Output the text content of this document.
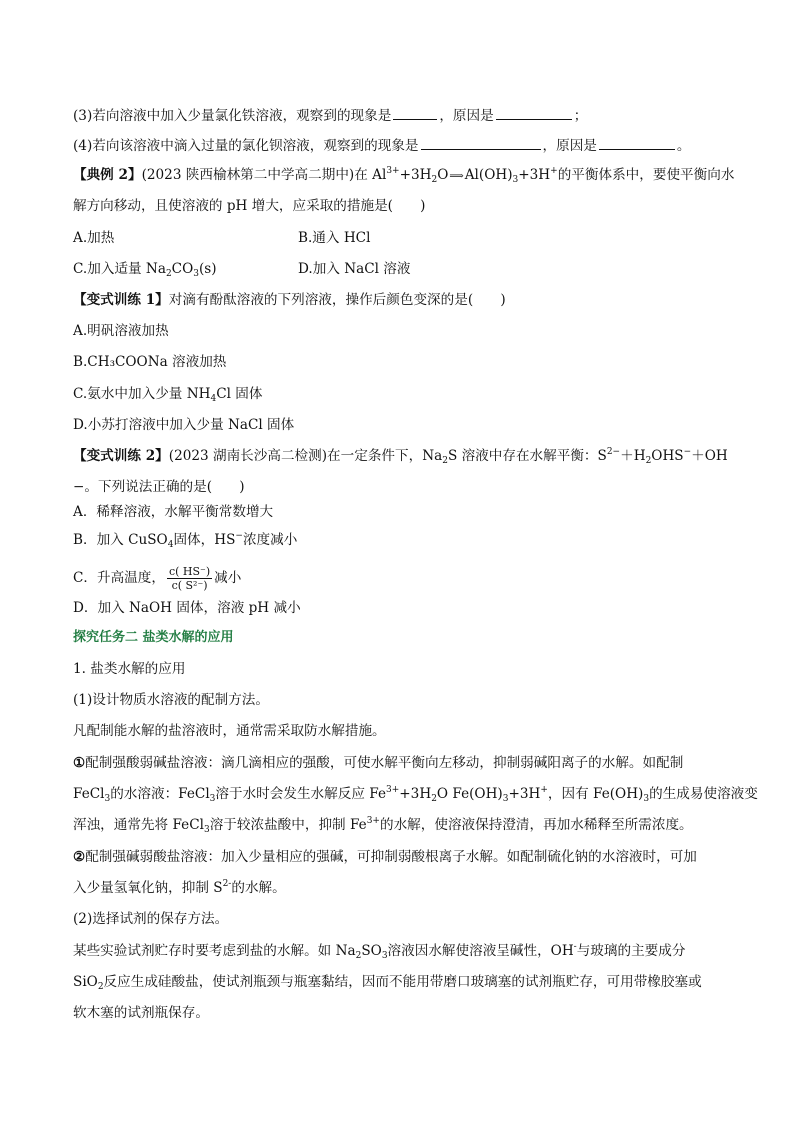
(3)若向溶液中加入少量氯化铁溶液，观察到的现象是	，原因是	；
(4)若向该溶液中滴入过量的氯化钡溶液，观察到的现象是	，原因是	。
【典例 2】(2023 陕西榆林第二中学高二期中)在 $Al^{3+}+3H_2O⟹Al(OH)_3+3H^+$的平衡体系中，要使平衡向水
解方向移动，且使溶液的 pH 增大，应采取的措施是(　　)
A.加热	B.通入 HCl
C.加入适量 $Na_2CO_3(s)$	D.加入 NaCl 溶液
【变式训练 1】对滴有酚酞溶液的下列溶液，操作后颜色变深的是(　　)
A.明矾溶液加热
B.CH₃COONa 溶液加热
C.氨水中加入少量 $NH_4Cl$ 固体
D.小苏打溶液中加入少量 NaCl 固体
【变式训练 2】(2023 湖南长沙高二检测)在一定条件下，$Na_2S$ 溶液中存在水解平衡：$S^{2-}+H_2OHS^-+OH$
−。下列说法正确的是(　　)
A．稀释溶液，水解平衡常数增大
B．加入 CuSO$_4$固体，HS−浓度减小
C．升高温度， $\frac{c( HS^-)}{\text{c( S²⁻)}}$ 减小
D．加入 NaOH 固体，溶液 pH 减小
探究任务二 盐类水解的应用
1. 盐类水解的应用
(1)设计物质水溶液的配制方法。
凡配制能水解的盐溶液时，通常需采取防水解措施。
①配制强酸弱碱盐溶液：滴几滴相应的强酸，可使水解平衡向左移动，抑制弱碱阳离子的水解。如配制
FeCl$_3$的水溶液：FeCl$_3$溶于水时会发生水解反应 $Fe^{3+}+3H_2O$ $Fe(OH)_3+3H^+$，因有 $Fe(OH)_3$的生成易使溶液变
浑浊，通常先将 FeCl$_3$溶于较浓盐酸中，抑制 $Fe^{3+}$的水解，使溶液保持澄清，再加水稀释至所需浓度。
②配制强碱弱酸盐溶液：加入少量相应的强碱，可抑制弱酸根离子水解。如配制硫化钠的水溶液时，可加
入少量氢氧化钠，抑制 $S^{2-}$的水解。
(2)选择试剂的保存方法。
某些实验试剂贮存时要考虑到盐的水解。如 $Na_2SO_3$溶液因水解使溶液呈碱性，OH-与玻璃的主要成分
SiO$_2$反应生成硅酸盐，使试剂瓶颈与瓶塞黏结，因而不能用带磨口玻璃塞的试剂瓶贮存，可用带橡胶塞或
软木塞的试剂瓶保存。
